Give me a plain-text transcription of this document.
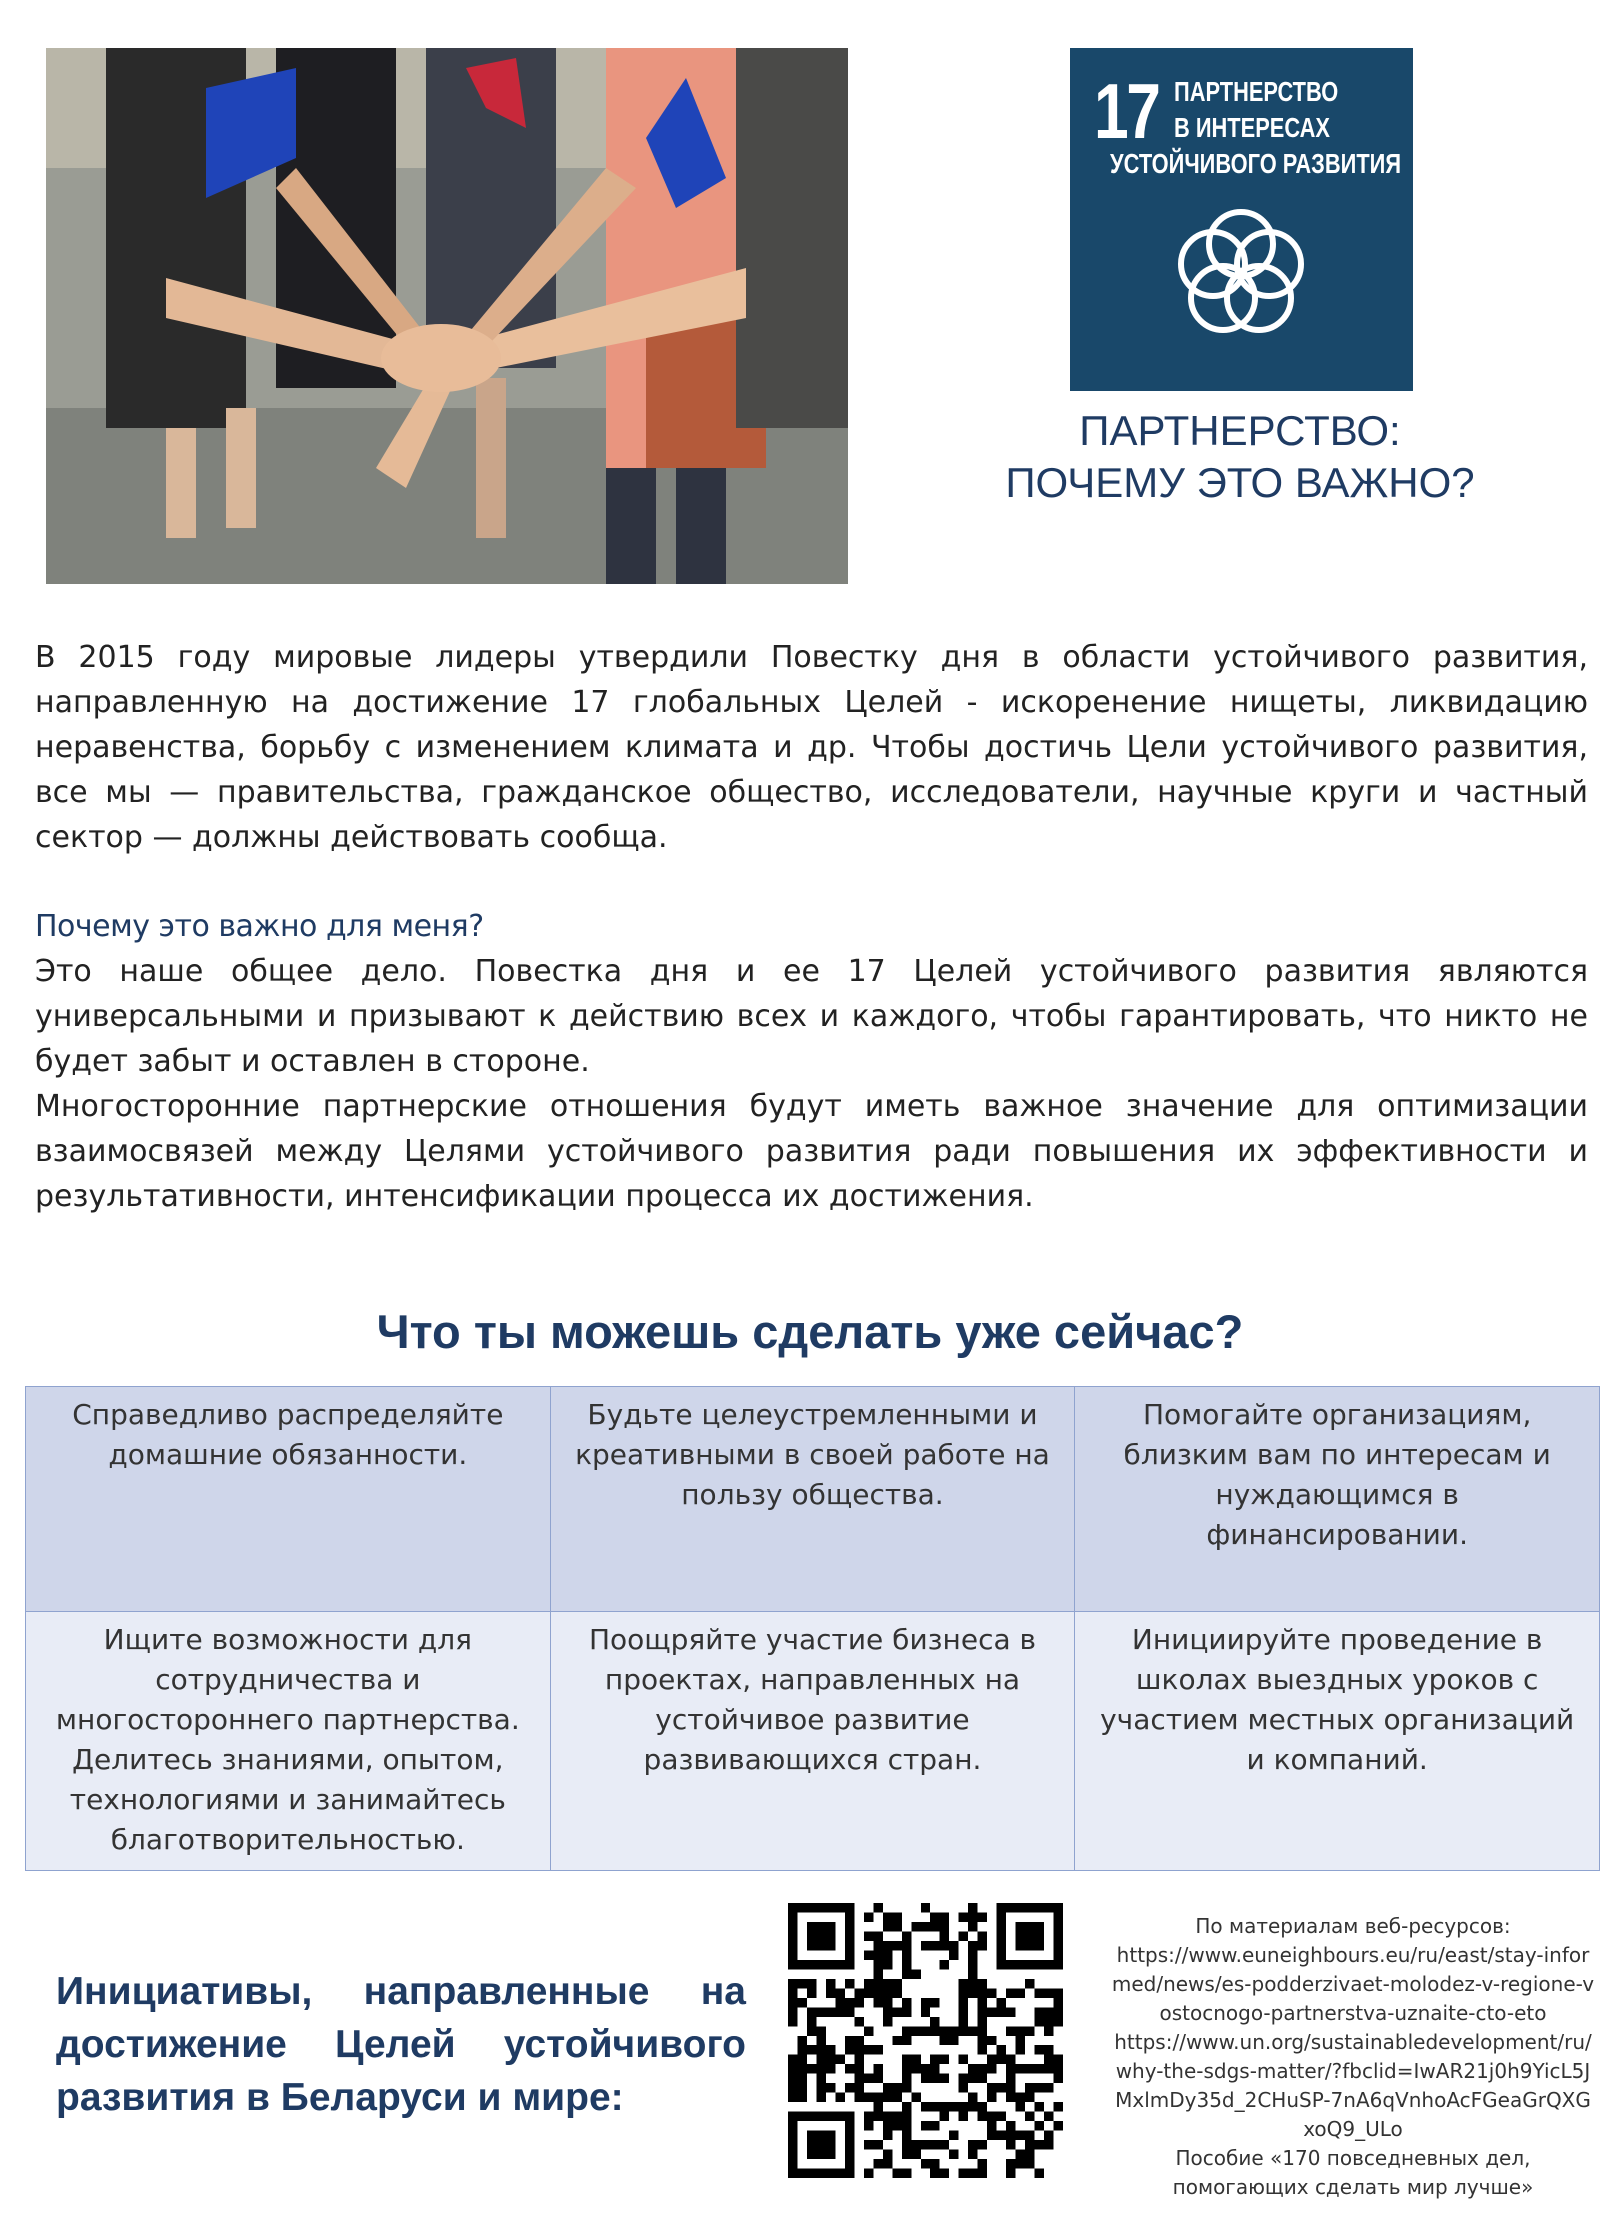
17 ПАРТНЕРСТВО
В ИНТЕРЕСАХ
УСТОЙЧИВОГО РАЗВИТИЯ
ПАРТНЕРСТВО:
ПОЧЕМУ ЭТО ВАЖНО?
В 2015 году мировые лидеры утвердили Повестку дня в области устойчивого развития, направленную на достижение 17 глобальных Целей - искоренение нищеты, ликвидацию неравенства, борьбу с изменением климата и др. Чтобы достичь Цели устойчивого развития, все мы — правительства, гражданское общество, исследователи, научные круги и частный сектор — должны действовать сообща.
Почему это важно для меня?

Это наше общее дело. Повестка дня и ее 17 Целей устойчивого развития являются универсальными и призывают к действию всех и каждого, чтобы гарантировать, что никто не будет забыт и оставлен в стороне.

Многосторонние партнерские отношения будут иметь важное значение для оптимизации взаимосвязей между Целями устойчивого развития ради повышения их эффективности и результативности, интенсификации процесса их достижения.

Что ты можешь сделать уже сейчас?
Справедливо распределяйте домашние обязанности.	Будьте целеустремленными и креативными в своей работе на пользу общества.	Помогайте организациям, близким вам по интересам и нуждающимся в финансировании.
Ищите возможности для сотрудничества и многостороннего партнерства. Делитесь знаниями, опытом, технологиями и занимайтесь благотворительностью.	Поощряйте участие бизнеса в проектах, направленных на устойчивое развитие развивающихся стран.	Инициируйте проведение в школах выездных уроков с участием местных организаций и компаний.
Инициативы, направленные на достижение Целей устойчивого развития в Беларуси и мире:
По материалам веб-ресурсов:
https://www.euneighbours.eu/ru/east/stay-informed/news/es-podderzivaet-molodez-v-regione-vostocnogo-partnerstva-uznaite-cto-eto
https://www.un.org/sustainabledevelopment/ru/why-the-sdgs-matter/?fbclid=IwAR21j0h9YicL5JMxlmDy35d_2CHuSP-7nA6qVnhoAcFGeaGrQXGxoQ9_ULo
Пособие «170 повседневных дел, помогающих сделать мир лучше»
